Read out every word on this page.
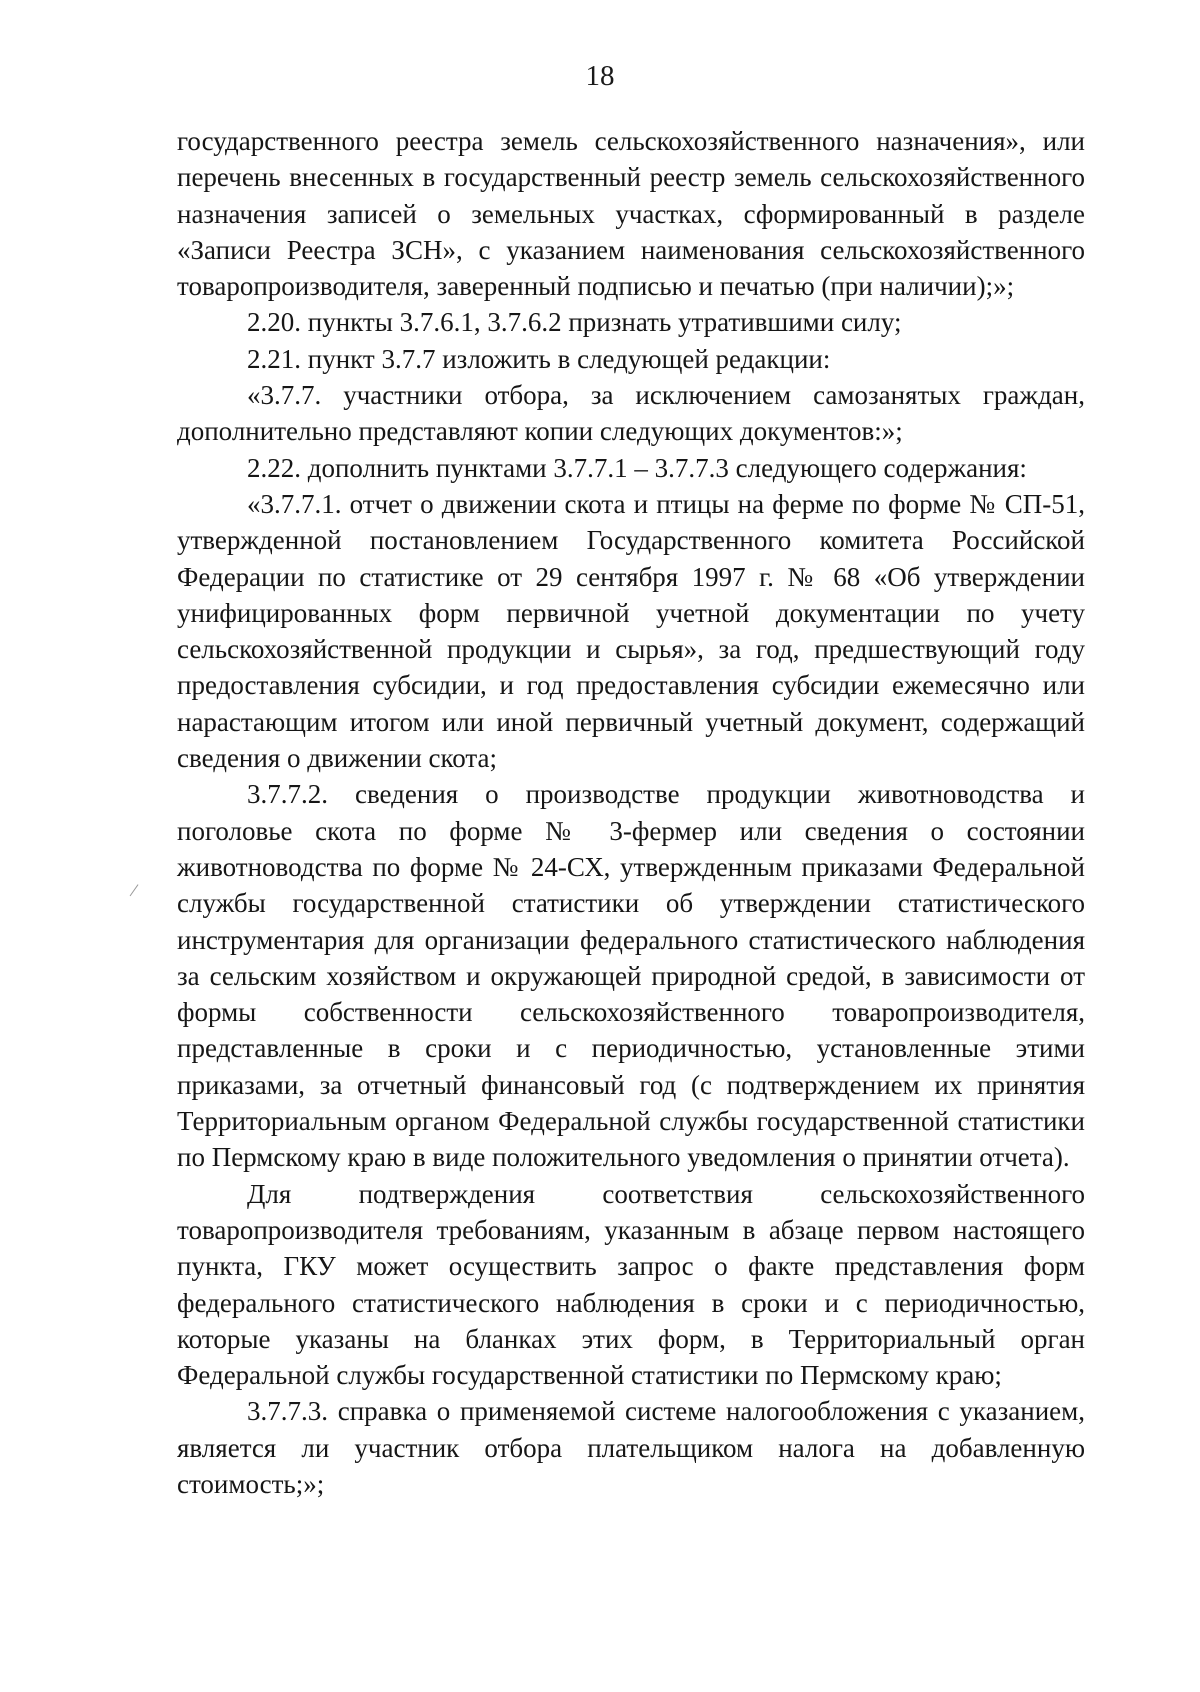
18

государственного реестра земель сельскохозяйственного назначения», или перечень внесенных в государственный реестр земель сельскохозяйственного назначения записей о земельных участках, сформированный в разделе «Записи Реестра ЗСН», с указанием наименования сельскохозяйственного товаропроизводителя, заверенный подписью и печатью (при наличии);»;

2.20. пункты 3.7.6.1, 3.7.6.2 признать утратившими силу;

2.21. пункт 3.7.7 изложить в следующей редакции:

«3.7.7. участники отбора, за исключением самозанятых граждан, дополнительно представляют копии следующих документов:»;

2.22. дополнить пунктами 3.7.7.1 – 3.7.7.3 следующего содержания:

«3.7.7.1. отчет о движении скота и птицы на ферме по форме № СП-51, утвержденной постановлением Государственного комитета Российской Федерации по статистике от 29 сентября 1997 г. № 68 «Об утверждении унифицированных форм первичной учетной документации по учету сельскохозяйственной продукции и сырья», за год, предшествующий году предоставления субсидии, и год предоставления субсидии ежемесячно или нарастающим итогом или иной первичный учетный документ, содержащий сведения о движении скота;

3.7.7.2. сведения о производстве продукции животноводства и поголовье скота по форме № 3-фермер или сведения о состоянии животноводства по форме № 24-СХ, утвержденным приказами Федеральной службы государственной статистики об утверждении статистического инструментария для организации федерального статистического наблюдения за сельским хозяйством и окружающей природной средой, в зависимости от формы собственности сельскохозяйственного товаропроизводителя, представленные в сроки и с периодичностью, установленные этими приказами, за отчетный финансовый год (с подтверждением их принятия Территориальным органом Федеральной службы государственной статистики по Пермскому краю в виде положительного уведомления о принятии отчета).

Для подтверждения соответствия сельскохозяйственного товаропроизводителя требованиям, указанным в абзаце первом настоящего пункта, ГКУ может осуществить запрос о факте представления форм федерального статистического наблюдения в сроки и с периодичностью, которые указаны на бланках этих форм, в Территориальный орган Федеральной службы государственной статистики по Пермскому краю;

3.7.7.3. справка о применяемой системе налогообложения с указанием, является ли участник отбора плательщиком налога на добавленную стоимость;»;
